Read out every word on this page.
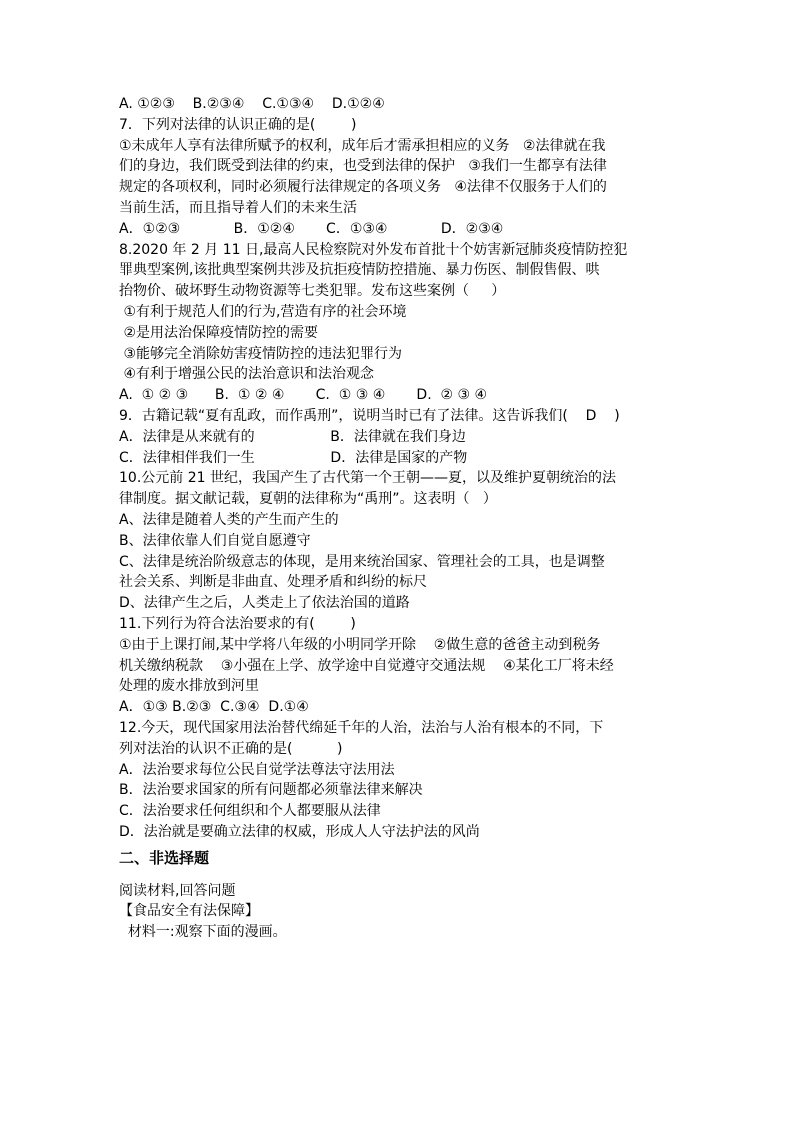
A. ①②③    B.②③④    C.①③④    D.①②④
7．下列对法律的认识正确的是(        )
①未成年人享有法律所赋予的权利，成年后才需承担相应的义务   ②法律就在我
们的身边，我们既受到法律的约束，也受到法律的保护   ③我们一生都享有法律
规定的各项权利，同时必须履行法律规定的各项义务   ④法律不仅服务于人们的
当前生活，而且指导着人们的未来生活
A．①②③            B．①②④       C．①③④            D．②③④
8.2020 年 2 月 11 日,最高人民检察院对外发布首批十个妨害新冠肺炎疫情防控犯
罪典型案例,该批典型案例共涉及抗拒疫情防控措施、暴力伤医、制假售假、哄
抬物价、破坏野生动物资源等七类犯罪。发布这些案例（     ）
①有利于规范人们的行为,营造有序的社会环境
②是用法治保障疫情防控的需要
③能够完全消除妨害疫情防控的违法犯罪行为
④有利于增强公民的法治意识和法治观念
A.  ① ② ③      B.  ① ② ④       C.  ① ③ ④       D.  ② ③ ④
9．古籍记载“夏有乱政，而作禹刑”，说明当时已有了法律。这告诉我们(    D    )
A．法律是从来就有的                 B．法律就在我们身边
C．法律相伴我们一生                 D．法律是国家的产物
10.公元前 21 世纪，我国产生了古代第一个王朝——夏，以及维护夏朝统治的法
律制度。据文献记载，夏朝的法律称为“禹刑”。这表明（   ）
A、法律是随着人类的产生而产生的
B、法律依靠人们自觉自愿遵守
C、法律是统治阶级意志的体现，是用来统治国家、管理社会的工具，也是调整
社会关系、判断是非曲直、处理矛盾和纠纷的标尺
D、法律产生之后，人类走上了依法治国的道路
11.下列行为符合法治要求的有(        )
①由于上课打闹,某中学将八年级的小明同学开除    ②做生意的爸爸主动到税务
机关缴纳税款    ③小强在上学、放学途中自觉遵守交通法规    ④某化工厂将未经
处理的废水排放到河里
A．①③ B.②③  C.③④  D.①④
12.今天，现代国家用法治替代绵延千年的人治，法治与人治有根本的不同，下
列对法治的认识不正确的是(          )
A．法治要求每位公民自觉学法尊法守法用法
B．法治要求国家的所有问题都必须靠法律来解决
C．法治要求任何组织和个人都要服从法律
D．法治就是要确立法律的权威，形成人人守法护法的风尚
二、非选择题
阅读材料,回答问题
【食品安全有法保障】
材料一:观察下面的漫画。
